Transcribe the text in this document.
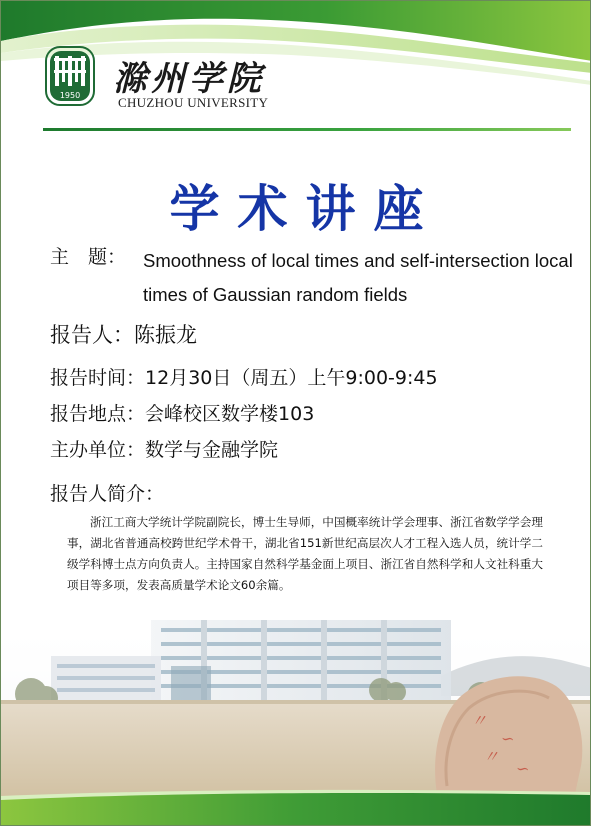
1950 滁州学院
CHUZHOU UNIVERSITY
学术讲座
主　题： Smoothness of local times and self-intersection local times of Gaussian random fields
报告人：陈振龙
报告时间：12月30日（周五）上午9:00-9:45
报告地点：会峰校区数学楼103
主办单位：数学与金融学院
报告人简介：
浙江工商大学统计学院副院长，博士生导师，中国概率统计学会理事、浙江省数学学会理事，湖北省普通高校跨世纪学术骨干，湖北省151新世纪高层次人才工程入选人员，统计学二级学科博士点方向负责人。主持国家自然科学基金面上项目、浙江省自然科学和人文社科重大项目等多项，发表高质量学术论文60余篇。
〃
∽
〃
∽
